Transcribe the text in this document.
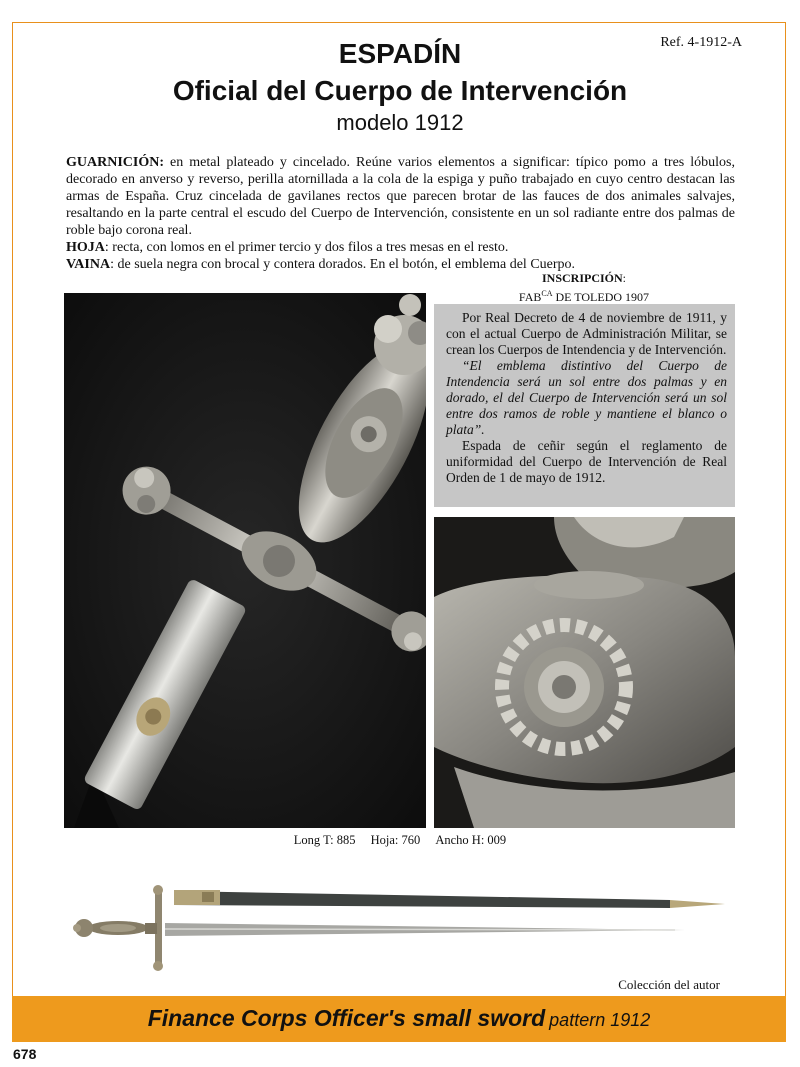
Ref. 4-1912-A
ESPADÍN
Oficial del Cuerpo de Intervención
modelo 1912

GUARNICIÓN: en metal plateado y cincelado. Reúne varios elementos a significar: típico pomo a tres lóbulos, decorado en anverso y reverso, perilla atornillada a la cola de la espiga y puño trabajado en cuyo centro destacan las armas de España. Cruz cincelada de gavilanes rectos que parecen brotar de las fauces de dos animales salvajes, resaltando en la parte central el escudo del Cuerpo de Intervención, consistente en un sol radiante entre dos palmas de roble bajo corona real.

HOJA: recta, con lomos en el primer tercio y dos filos a tres mesas en el resto.

VAINA: de suela negra con brocal y contera dorados. En el botón, el emblema del Cuerpo.

INSCRIPCIÓN:
$FAB^{CA}$ DE TOLEDO 1907

Por Real Decreto de 4 de noviembre de 1911, y con el actual Cuerpo de Administración Militar, se crean los Cuerpos de Intendencia y de Intervención.

“El emblema distintivo del Cuerpo de Intendencia será un sol entre dos palmas y en dorado, el del Cuerpo de Intervención será un sol entre dos ramos de roble y mantiene el blanco o plata”.

Espada de ceñir según el reglamento de uniformidad del Cuerpo de Intervención de Real Orden de 1 de mayo de 1912.

Long T: 885 Hoja: 760 Ancho H: 009
Colección del autor
Finance Corps Officer's small sword pattern 1912
678
